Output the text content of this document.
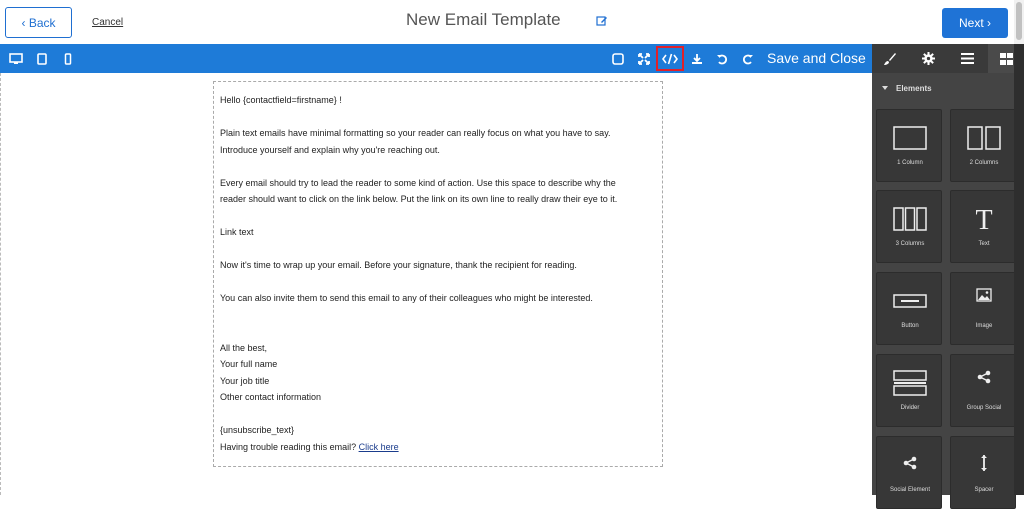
‹ Back	Cancel	New Email Template	Next ›
Save and Close

Hello {contactfield=firstname} !

Plain text emails have minimal formatting so your reader can really focus on what you have to say.

Introduce yourself and explain why you're reaching out.

Every email should try to lead the reader to some kind of action. Use this space to describe why the

reader should want to click on the link below. Put the link on its own line to really draw their eye to it.

Link text

Now it's time to wrap up your email. Before your signature, thank the recipient for reading.

You can also invite them to send this email to any of their colleagues who might be interested.

All the best,

Your full name

Your job title

Other contact information

{unsubscribe_text}

Having trouble reading this email? Click here

Elements
1 Column	2 Columns
3 Columns
T
Text
Button	Image
Divider	Group Social
Social Element	Spacer
